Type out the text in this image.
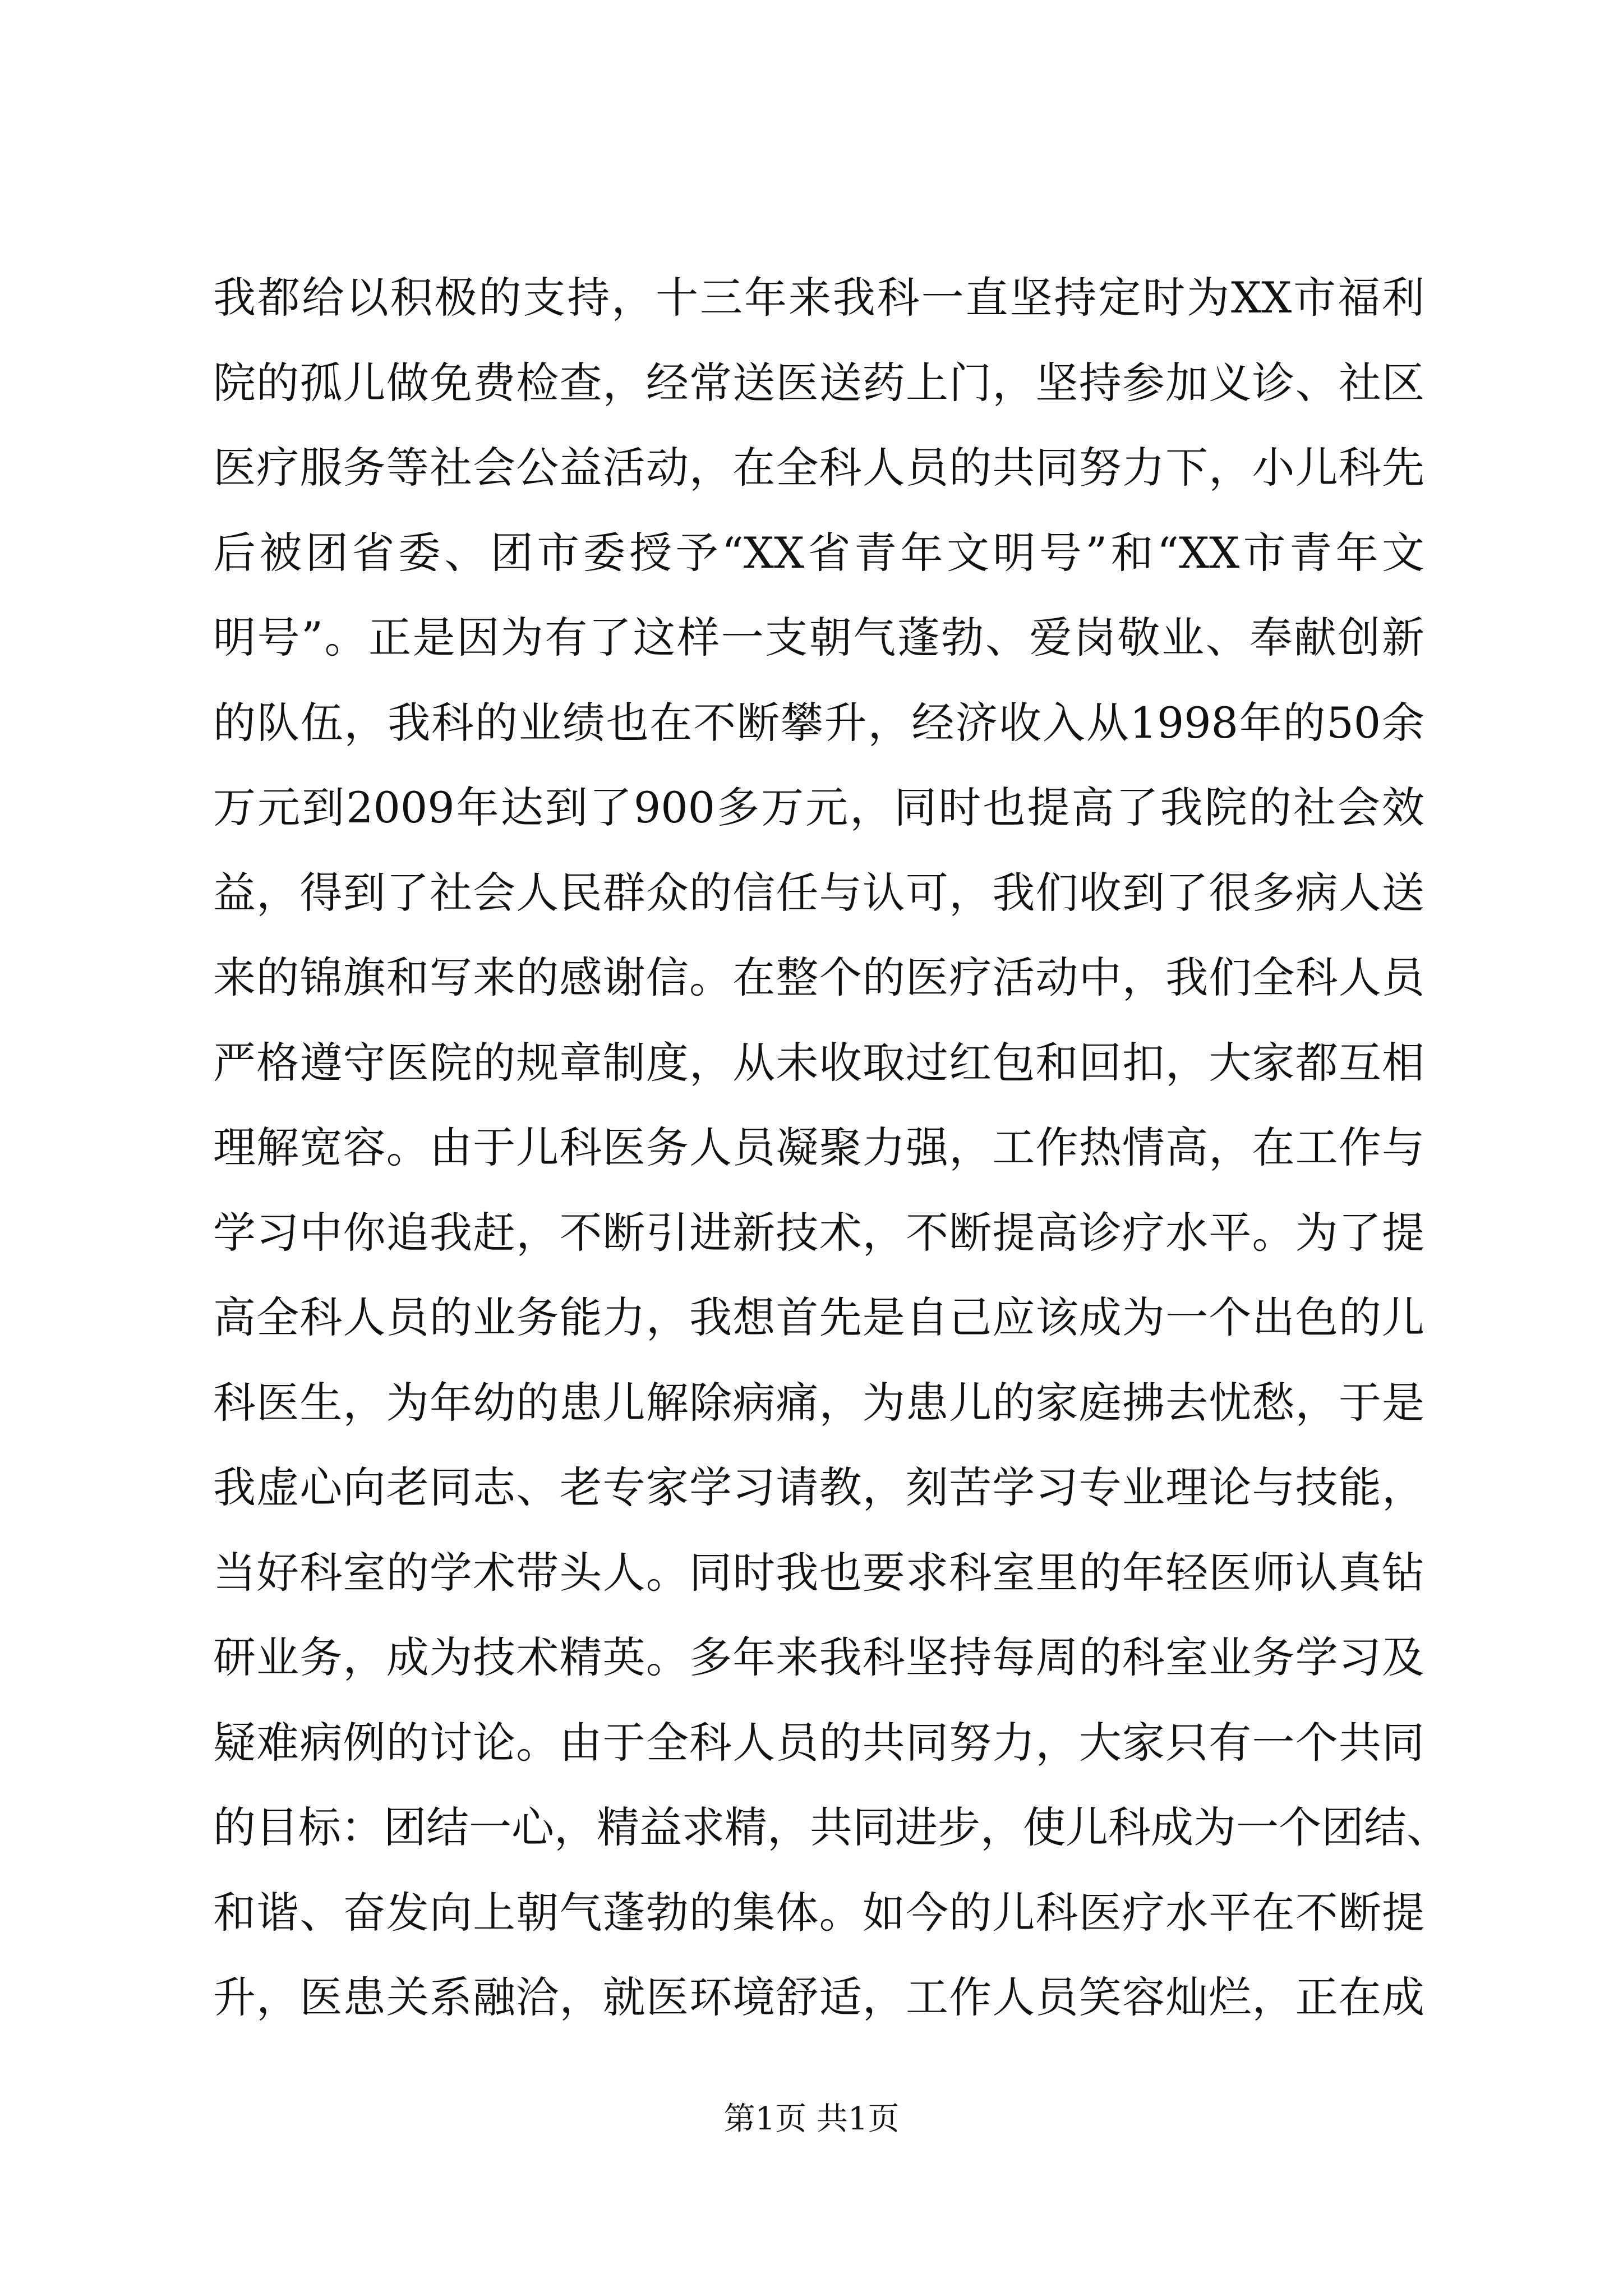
我都给以积极的支持，十三年来我科一直坚持定时为XX市福利
院的孤儿做免费检查，经常送医送药上门，坚持参加义诊、社区
医疗服务等社会公益活动，在全科人员的共同努力下，小儿科先
后被团省委、团市委授予“XX省青年文明号”和“XX市青年文
明号”。正是因为有了这样一支朝气蓬勃、爱岗敬业、奉献创新
的队伍，我科的业绩也在不断攀升，经济收入从1998年的50余
万元到2009年达到了900多万元，同时也提高了我院的社会效
益，得到了社会人民群众的信任与认可，我们收到了很多病人送
来的锦旗和写来的感谢信。在整个的医疗活动中，我们全科人员
严格遵守医院的规章制度，从未收取过红包和回扣，大家都互相
理解宽容。由于儿科医务人员凝聚力强，工作热情高，在工作与
学习中你追我赶，不断引进新技术，不断提高诊疗水平。为了提
高全科人员的业务能力，我想首先是自己应该成为一个出色的儿
科医生，为年幼的患儿解除病痛，为患儿的家庭拂去忧愁，于是
我虚心向老同志、老专家学习请教，刻苦学习专业理论与技能，
当好科室的学术带头人。同时我也要求科室里的年轻医师认真钻
研业务，成为技术精英。多年来我科坚持每周的科室业务学习及
疑难病例的讨论。由于全科人员的共同努力，大家只有一个共同
的目标：团结一心，精益求精，共同进步，使儿科成为一个团结、
和谐、奋发向上朝气蓬勃的集体。如今的儿科医疗水平在不断提
升，医患关系融洽，就医环境舒适，工作人员笑容灿烂，正在成
第1页 共1页
